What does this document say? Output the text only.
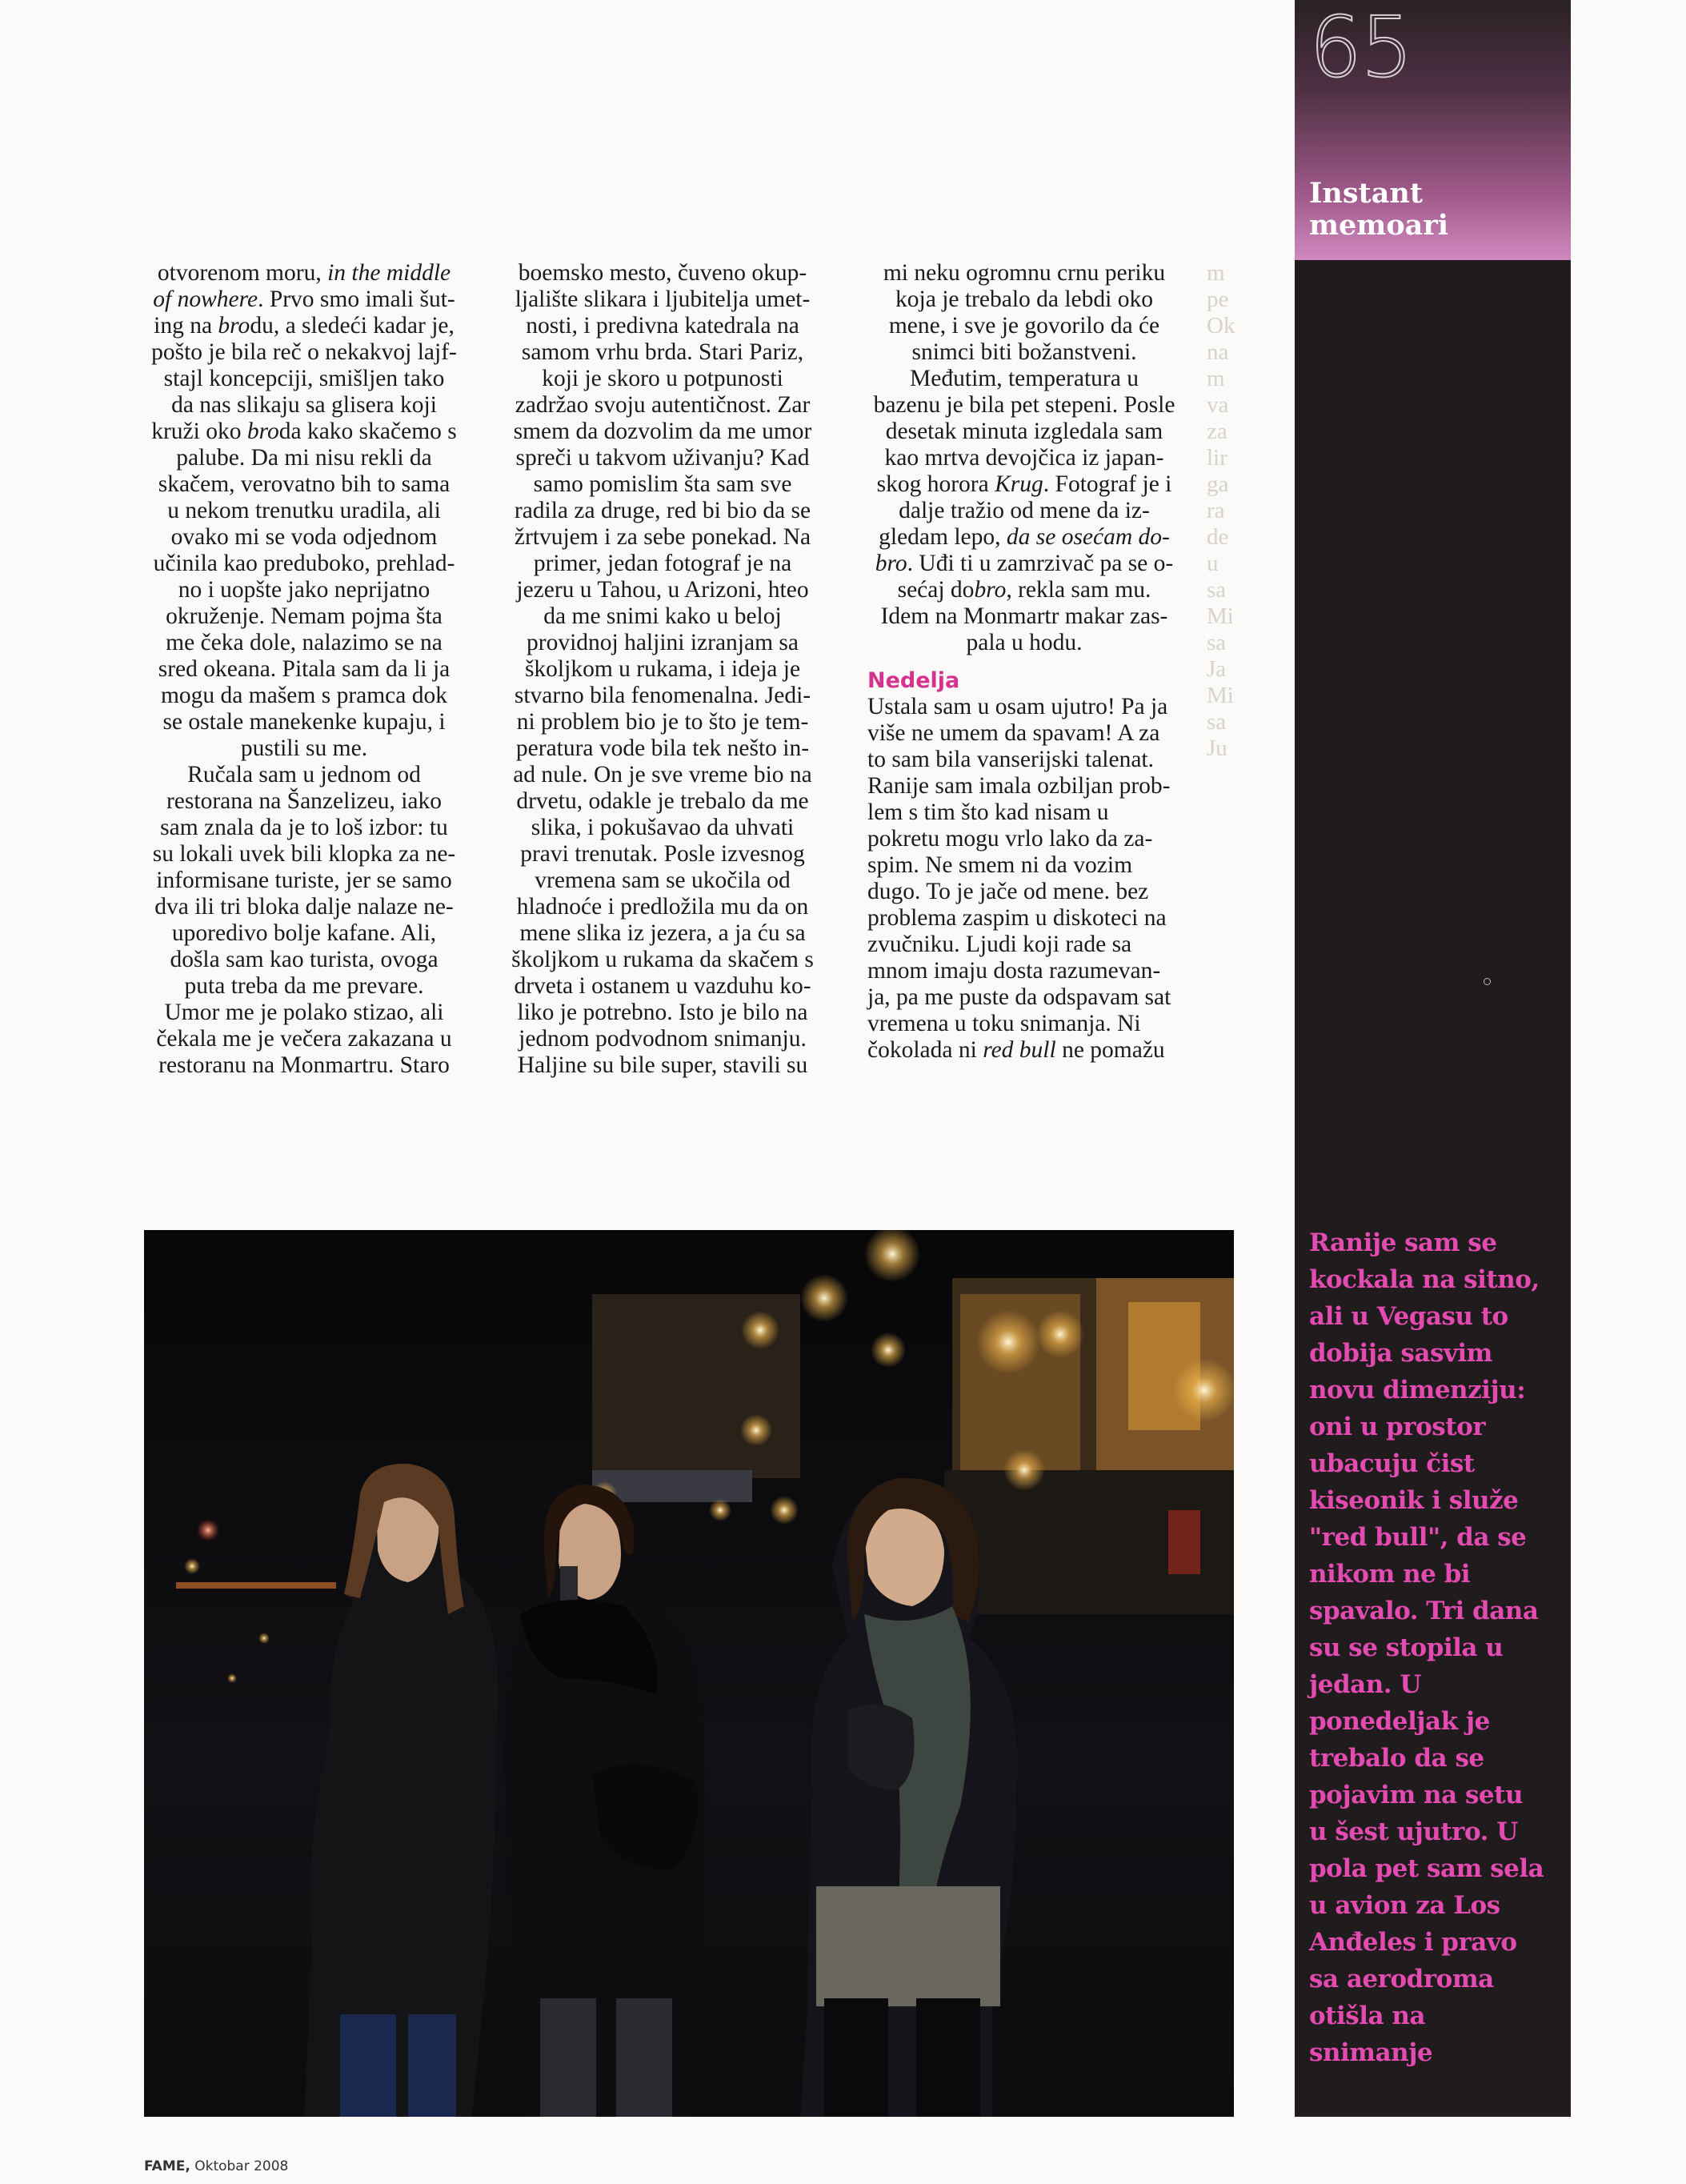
otvorenom moru, in the middle
of nowhere. Prvo smo imali šut-
ing na brodu, a sledeći kadar je,
pošto je bila reč o nekakvoj lajf-
stajl koncepciji, smišljen tako
da nas slikaju sa glisera koji
kruži oko broda kako skačemo s
palube. Da mi nisu rekli da
skačem, verovatno bih to sama
u nekom trenutku uradila, ali
ovako mi se voda odjednom
učinila kao preduboko, prehlad-
no i uopšte jako neprijatno
okruženje. Nemam pojma šta
me čeka dole, nalazimo se na
sred okeana. Pitala sam da li ja
mogu da mašem s pramca dok
se ostale manekenke kupaju, i
pustili su me.
Ručala sam u jednom od
restorana na Šanzelizeu, iako
sam znala da je to loš izbor: tu
su lokali uvek bili klopka za ne-
informisane turiste, jer se samo
dva ili tri bloka dalje nalaze ne-
uporedivo bolje kafane. Ali,
došla sam kao turista, ovoga
puta treba da me prevare.
Umor me je polako stizao, ali
čekala me je večera zakazana u
restoranu na Monmartru. Staro
boemsko mesto, čuveno okup-
ljalište slikara i ljubitelja umet-
nosti, i predivna katedrala na
samom vrhu brda. Stari Pariz,
koji je skoro u potpunosti
zadržao svoju autentičnost. Zar
smem da dozvolim da me umor
spreči u takvom uživanju? Kad
samo pomislim šta sam sve
radila za druge, red bi bio da se
žrtvujem i za sebe ponekad. Na
primer, jedan fotograf je na
jezeru u Tahou, u Arizoni, hteo
da me snimi kako u beloj
providnoj haljini izranjam sa
školjkom u rukama, i ideja je
stvarno bila fenomenalna. Jedi-
ni problem bio je to što je tem-
peratura vode bila tek nešto in-
ad nule. On je sve vreme bio na
drvetu, odakle je trebalo da me
slika, i pokušavao da uhvati
pravi trenutak. Posle izvesnog
vremena sam se ukočila od
hladnoće i predložila mu da on
mene slika iz jezera, a ja ću sa
školjkom u rukama da skačem s
drveta i ostanem u vazduhu ko-
liko je potrebno. Isto je bilo na
jednom podvodnom snimanju.
Haljine su bile super, stavili su
mi neku ogromnu crnu periku
koja je trebalo da lebdi oko
mene, i sve je govorilo da će
snimci biti božanstveni.
Međutim, temperatura u
bazenu je bila pet stepeni. Posle
desetak minuta izgledala sam
kao mrtva devojčica iz japan-
skog horora Krug. Fotograf je i
dalje tražio od mene da iz-
gledam lepo, da se osećam do-
bro. Uđi ti u zamrzivač pa se o-
sećaj dobro, rekla sam mu.
Idem na Monmartr makar zas-
pala u hodu.
Nedelja
Ustala sam u osam ujutro! Pa ja
više ne umem da spavam! A za
to sam bila vanserijski talenat.
Ranije sam imala ozbiljan prob-
lem s tim što kad nisam u
pokretu mogu vrlo lako da za-
spim. Ne smem ni da vozim
dugo. To je jače od mene. bez
problema zaspim u diskoteci na
zvučniku. Ljudi koji rade sa
mnom imaju dosta razumevan-
ja, pa me puste da odspavam sat
vremena u toku snimanja. Ni
čokolada ni red bull ne pomažu
m
pe
Ok
na
m
va
za
lir
ga
ra
de
u
sa
Mi
sa
Ja
Mi
sa
Ju
65
Instant
memoari
Ranije sam se
kockala na sitno,
ali u Vegasu to
dobija sasvim
novu dimenziju:
oni u prostor
ubacuju čist
kiseonik i služe
"red bull", da se
nikom ne bi
spavalo. Tri dana
su se stopila u
jedan. U
ponedeljak je
trebalo da se
pojavim na setu
u šest ujutro. U
pola pet sam sela
u avion za Los
Anđeles i pravo
sa aerodroma
otišla na
snimanje
FAME, Oktobar 2008
